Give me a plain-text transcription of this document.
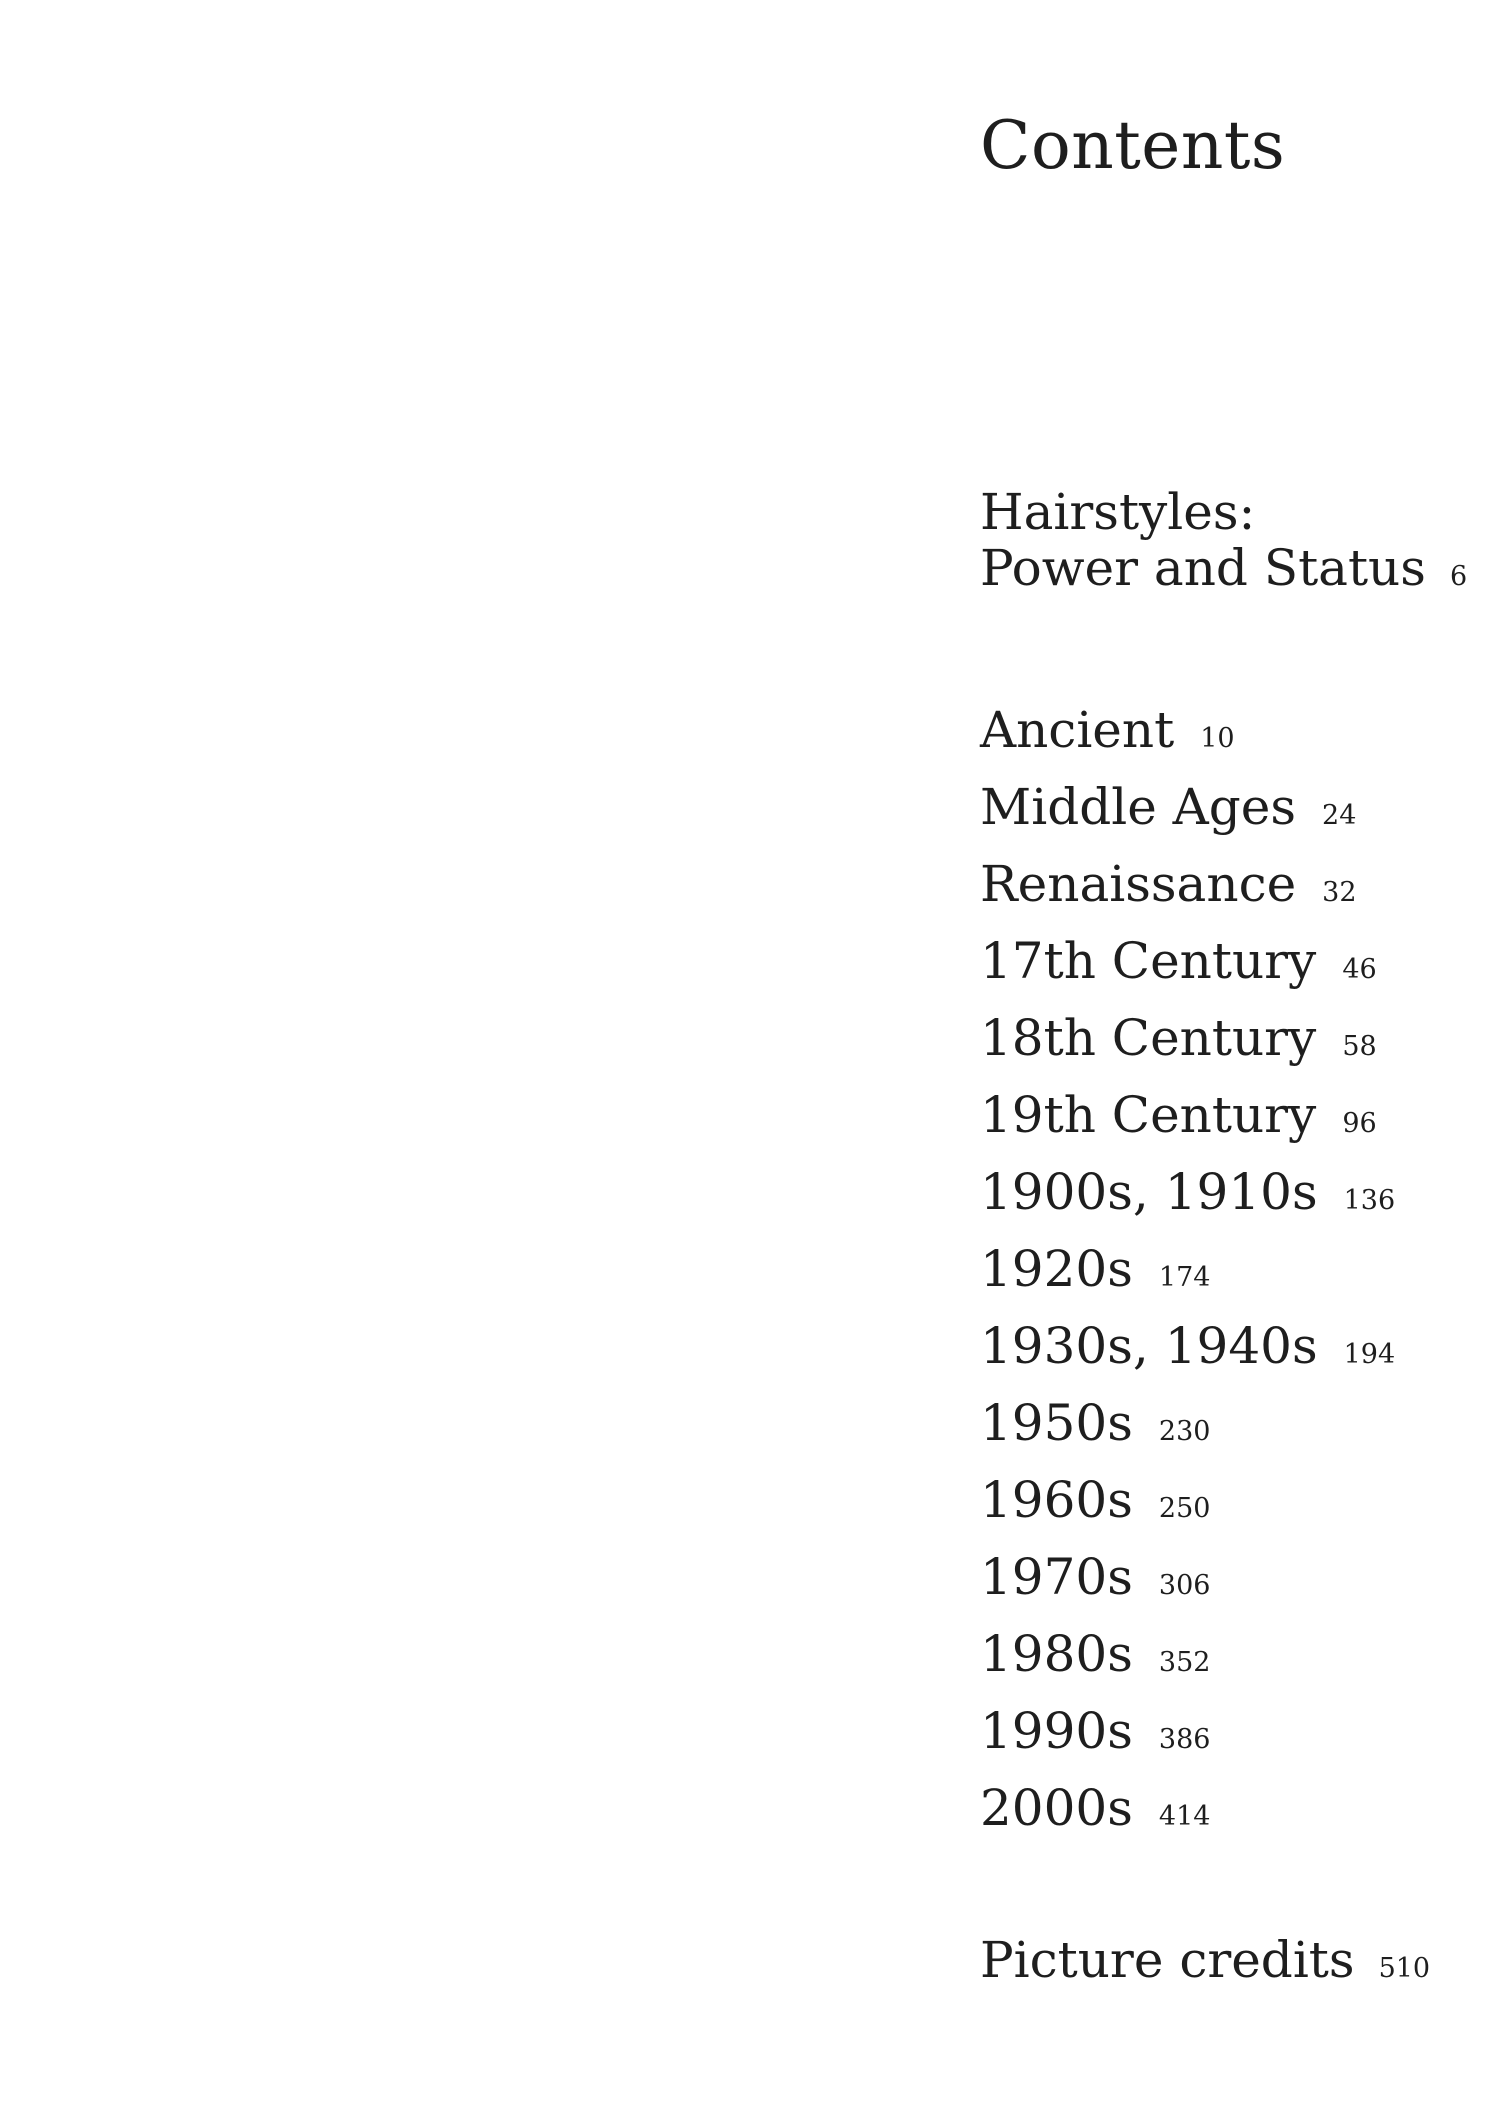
Contents
Hairstyles:
Power and Status 6
Ancient 10
Middle Ages 24
Renaissance 32
17th Century 46
18th Century 58
19th Century 96
1900s, 1910s 136
1920s 174
1930s, 1940s 194
1950s 230
1960s 250
1970s 306
1980s 352
1990s 386
2000s 414
Picture credits 510
